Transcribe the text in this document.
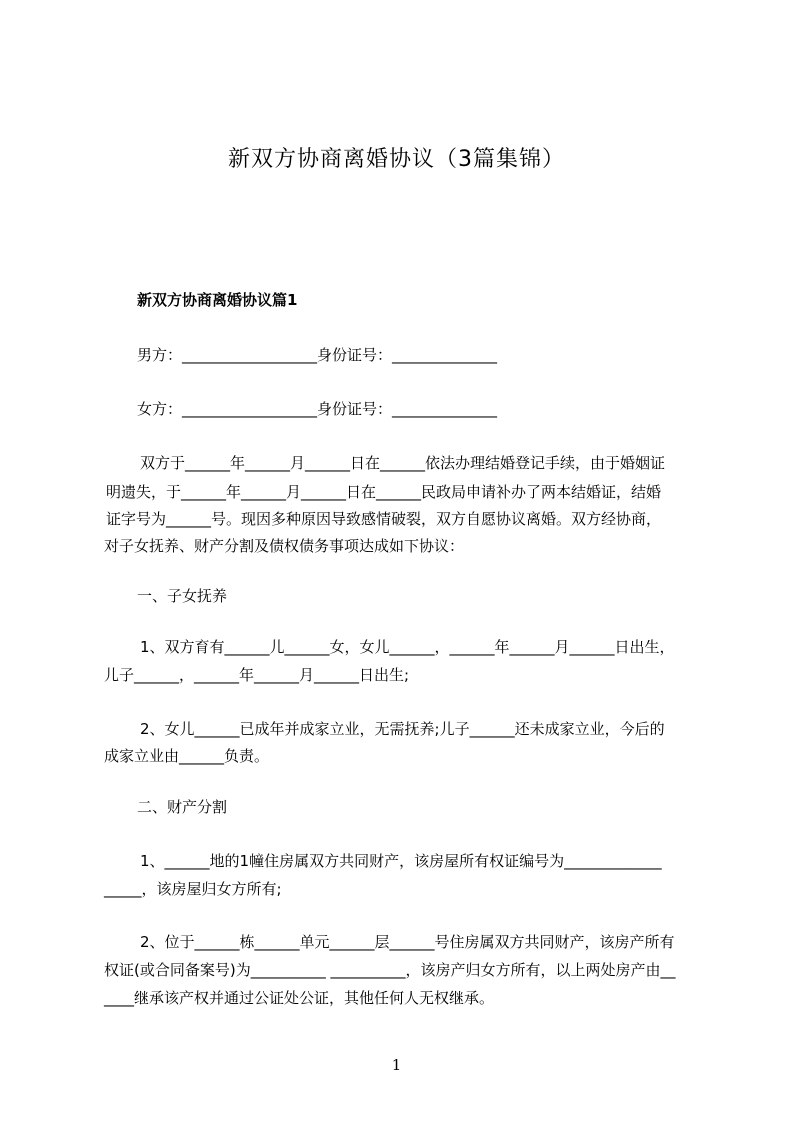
新双方协商离婚协议（3篇集锦）
新双方协商离婚协议篇1
男方：__________________身份证号：______________
女方：__________________身份证号：______________
双方于______年______月______日在______依法办理结婚登记手续，由于婚姻证
明遗失，于______年______月______日在______民政局申请补办了两本结婚证，结婚
证字号为______号。现因多种原因导致感情破裂，双方自愿协议离婚。双方经协商，
对子女抚养、财产分割及债权债务事项达成如下协议：
一、子女抚养
1、双方育有______儿______女，女儿______，______年______月______日出生，
儿子______，______年______月______日出生;
2、女儿______已成年并成家立业，无需抚养;儿子______还未成家立业，今后的
成家立业由______负责。
二、财产分割
1、______地的1幢住房属双方共同财产，该房屋所有权证编号为_____________
_____，该房屋归女方所有;
2、位于______栋______单元______层______号住房属双方共同财产，该房产所有
权证(或合同备案号)为__________ __________，该房产归女方所有，以上两处房产由__
____继承该产权并通过公证处公证，其他任何人无权继承。
1
